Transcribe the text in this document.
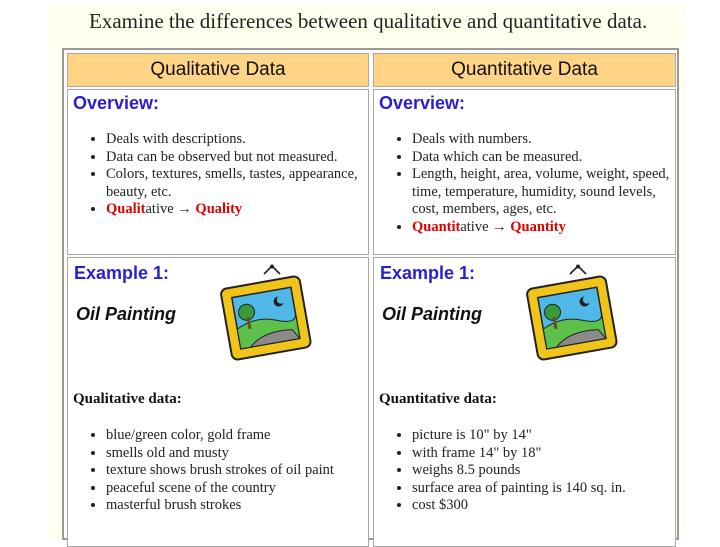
Examine the differences between qualitative and quantitative data.
Qualitative Data	Quantitative Data
Overview:
• Deals with descriptions.
• Data can be observed but not measured.
• Colors, textures, smells, tastes, appearance, beauty, etc.
• Qualitative → Quality
Overview:
• Deals with numbers.
• Data which can be measured.
• Length, height, area, volume, weight, speed, time, temperature, humidity, sound levels, cost, members, ages, etc.
• Quantitative → Quantity
Example 1:
Oil Painting
Qualitative data:
• blue/green color, gold frame
• smells old and musty
• texture shows brush strokes of oil paint
• peaceful scene of the country
• masterful brush strokes
Example 1:
Oil Painting
Quantitative data:
• picture is 10" by 14"
• with frame 14" by 18"
• weighs 8.5 pounds
• surface area of painting is 140 sq. in.
• cost $300
